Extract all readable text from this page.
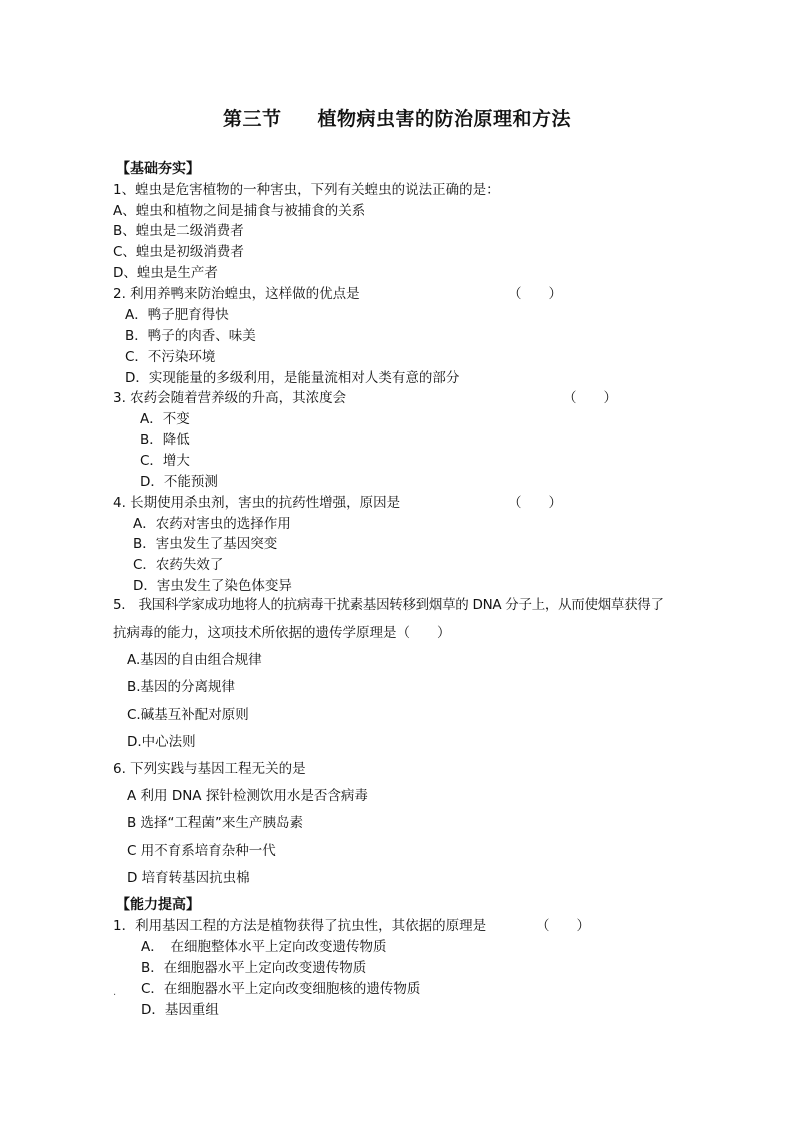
第三节 植物病虫害的防治原理和方法
【基础夯实】
1、蝗虫是危害植物的一种害虫，下列有关蝗虫的说法正确的是：
A、蝗虫和植物之间是捕食与被捕食的关系
B、蝗虫是二级消费者
C、蝗虫是初级消费者
D、蝗虫是生产者
2. 利用养鸭来防治蝗虫，这样做的优点是	（　　）
A．鸭子肥育得快
B．鸭子的肉香、味美
C．不污染环境
D．实现能量的多级利用，是能量流相对人类有意的部分
3. 农药会随着营养级的升高，其浓度会	（　　）
A．不变
B．降低
C．增大
D．不能预测
4. 长期使用杀虫剂，害虫的抗药性增强，原因是	（　　）
A．农药对害虫的选择作用
B．害虫发生了基因突变
C．农药失效了
D．害虫发生了染色体变异
5.　我国科学家成功地将人的抗病毒干扰素基因转移到烟草的 DNA 分子上，从而使烟草获得了
抗病毒的能力，这项技术所依据的遗传学原理是（　　）
A.基因的自由组合规律
B.基因的分离规律
C.碱基互补配对原则
D.中心法则
6. 下列实践与基因工程无关的是
A 利用 DNA 探针检测饮用水是否含病毒
B 选择“工程菌”来生产胰岛素
C 用不育系培育杂种一代
D 培育转基因抗虫棉
【能力提高】
1．利用基因工程的方法是植物获得了抗虫性，其依据的原理是	（　　）
A．　在细胞整体水平上定向改变遗传物质
B．在细胞器水平上定向改变遗传物质
. C．在细胞器水平上定向改变细胞核的遗传物质
D．基因重组
